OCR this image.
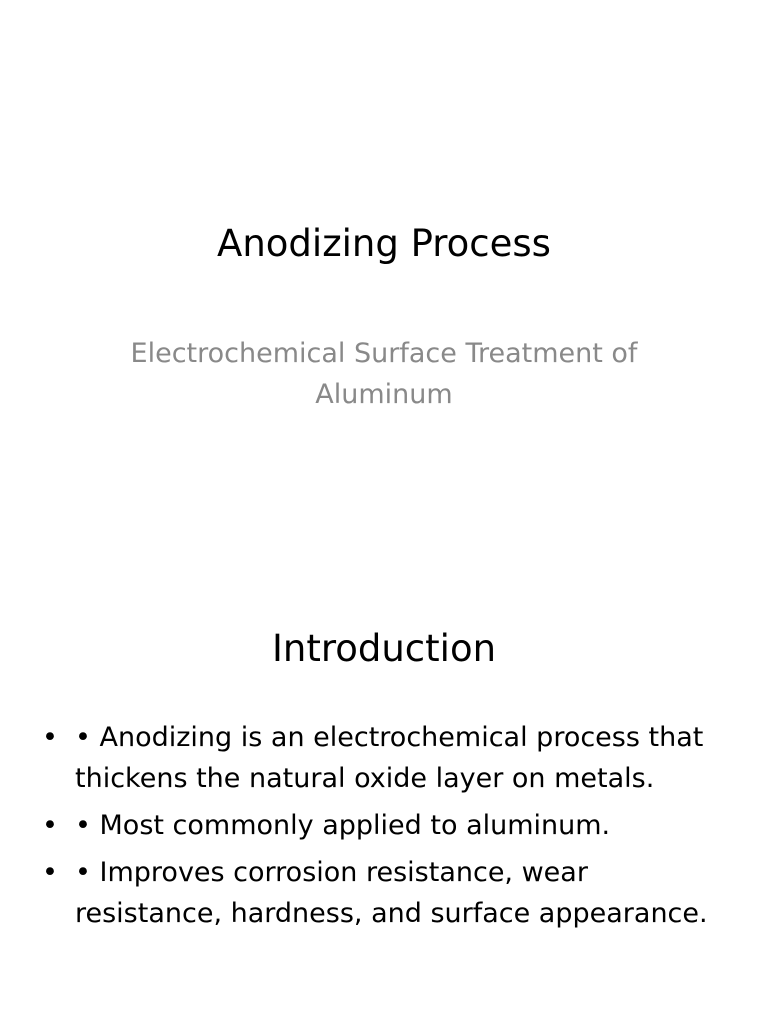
Anodizing Process

Electrochemical Surface Treatment of Aluminum

Introduction
• • Anodizing is an electrochemical process that thickens the natural oxide layer on metals.
• • Most commonly applied to aluminum.
• • Improves corrosion resistance, wear resistance, hardness, and surface appearance.
